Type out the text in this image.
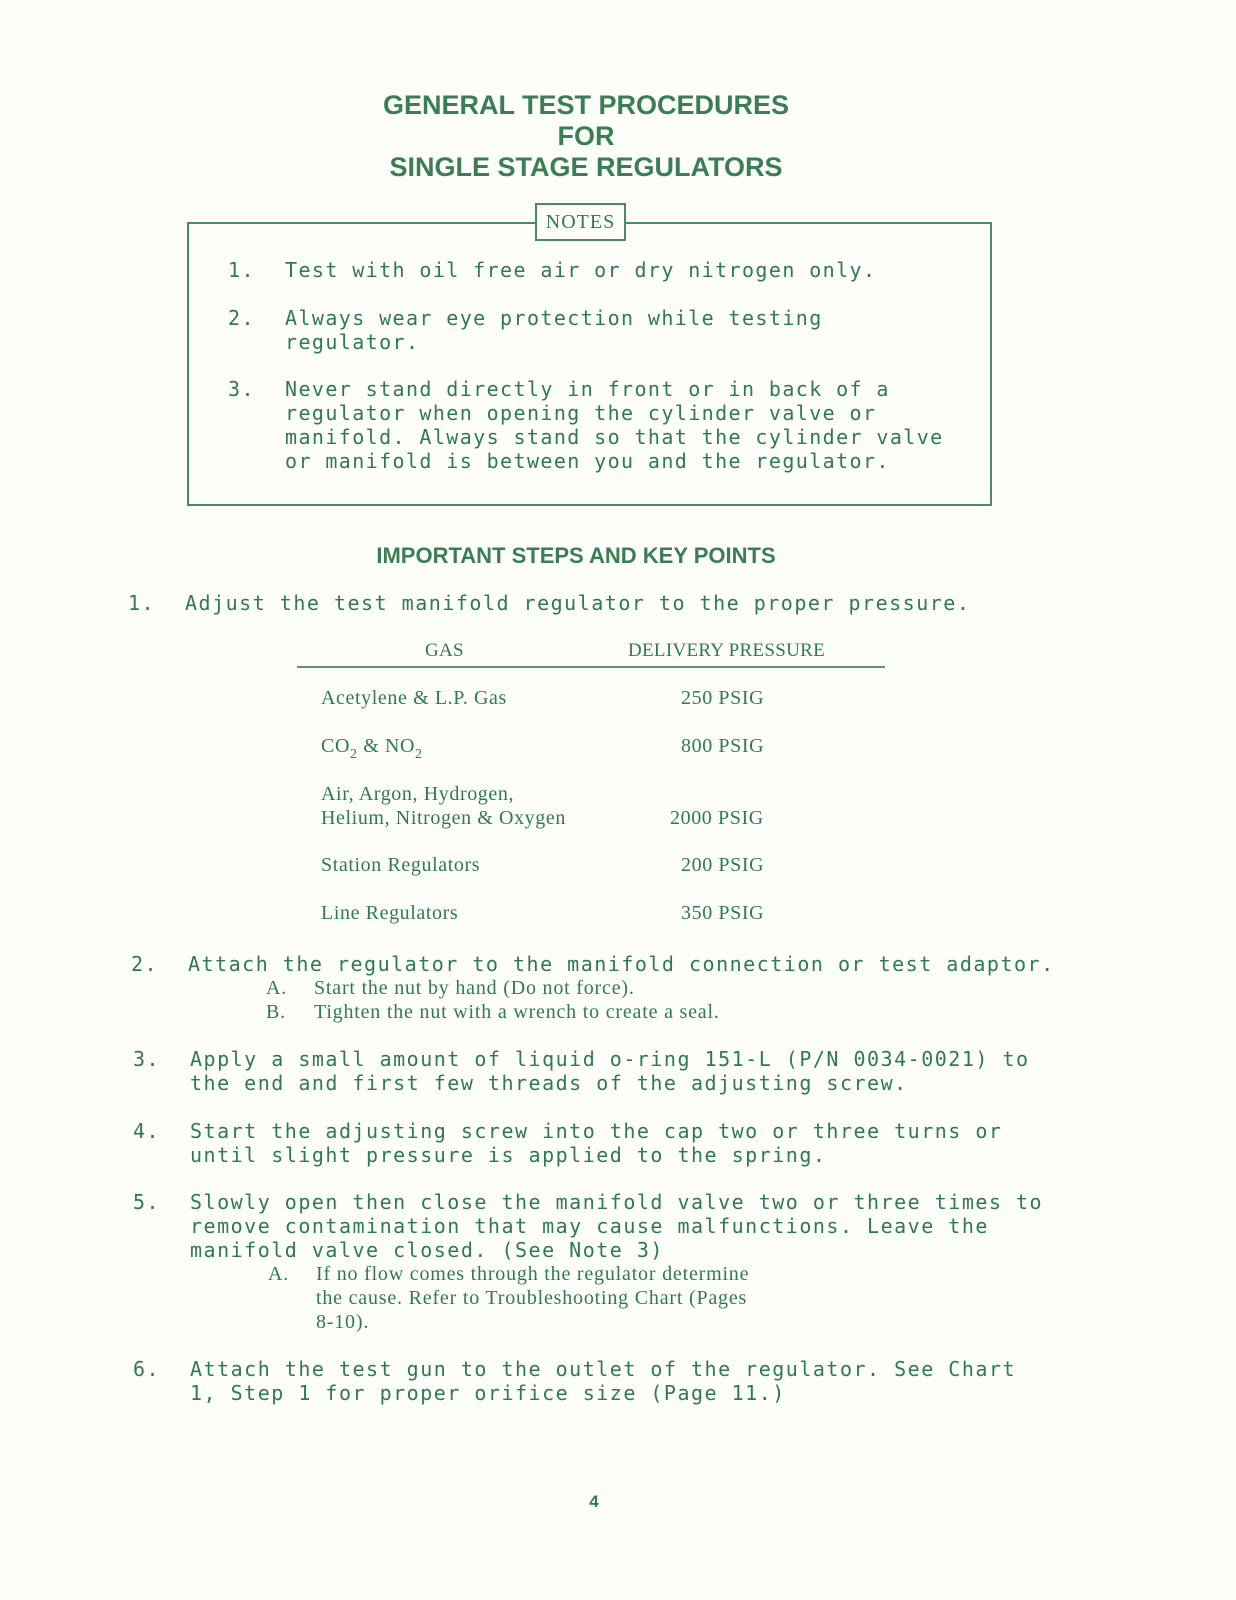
GENERAL TEST PROCEDURES
FOR
SINGLE STAGE REGULATORS
NOTES
1. Test with oil free air or dry nitrogen only.
2. Always wear eye protection while testing regulator.
3. Never stand directly in front or in back of a regulator when opening the cylinder valve or manifold. Always stand so that the cylinder valve or manifold is between you and the regulator.
IMPORTANT STEPS AND KEY POINTS
1. Adjust the test manifold regulator to the proper pressure.
GAS	DELIVERY PRESSURE
Acetylene & L.P. Gas	250 PSIG
$CO_2$ & $NO_2$	800 PSIG
Air, Argon, Hydrogen,
Helium, Nitrogen & Oxygen	2000 PSIG
Station Regulators	200 PSIG
Line Regulators	350 PSIG
2. Attach the regulator to the manifold connection or test adaptor.
A. Start the nut by hand (Do not force).
B. Tighten the nut with a wrench to create a seal.
3. Apply a small amount of liquid o-ring 151-L (P/N 0034-0021) to
the end and first few threads of the adjusting screw.
4. Start the adjusting screw into the cap two or three turns or
until slight pressure is applied to the spring.
5. Slowly open then close the manifold valve two or three times to
remove contamination that may cause malfunctions. Leave the
manifold valve closed. (See Note 3)
A. If no flow comes through the regulator determine
the cause. Refer to Troubleshooting Chart (Pages
8-10).
6. Attach the test gun to the outlet of the regulator. See Chart
1, Step 1 for proper orifice size (Page 11.)
4
